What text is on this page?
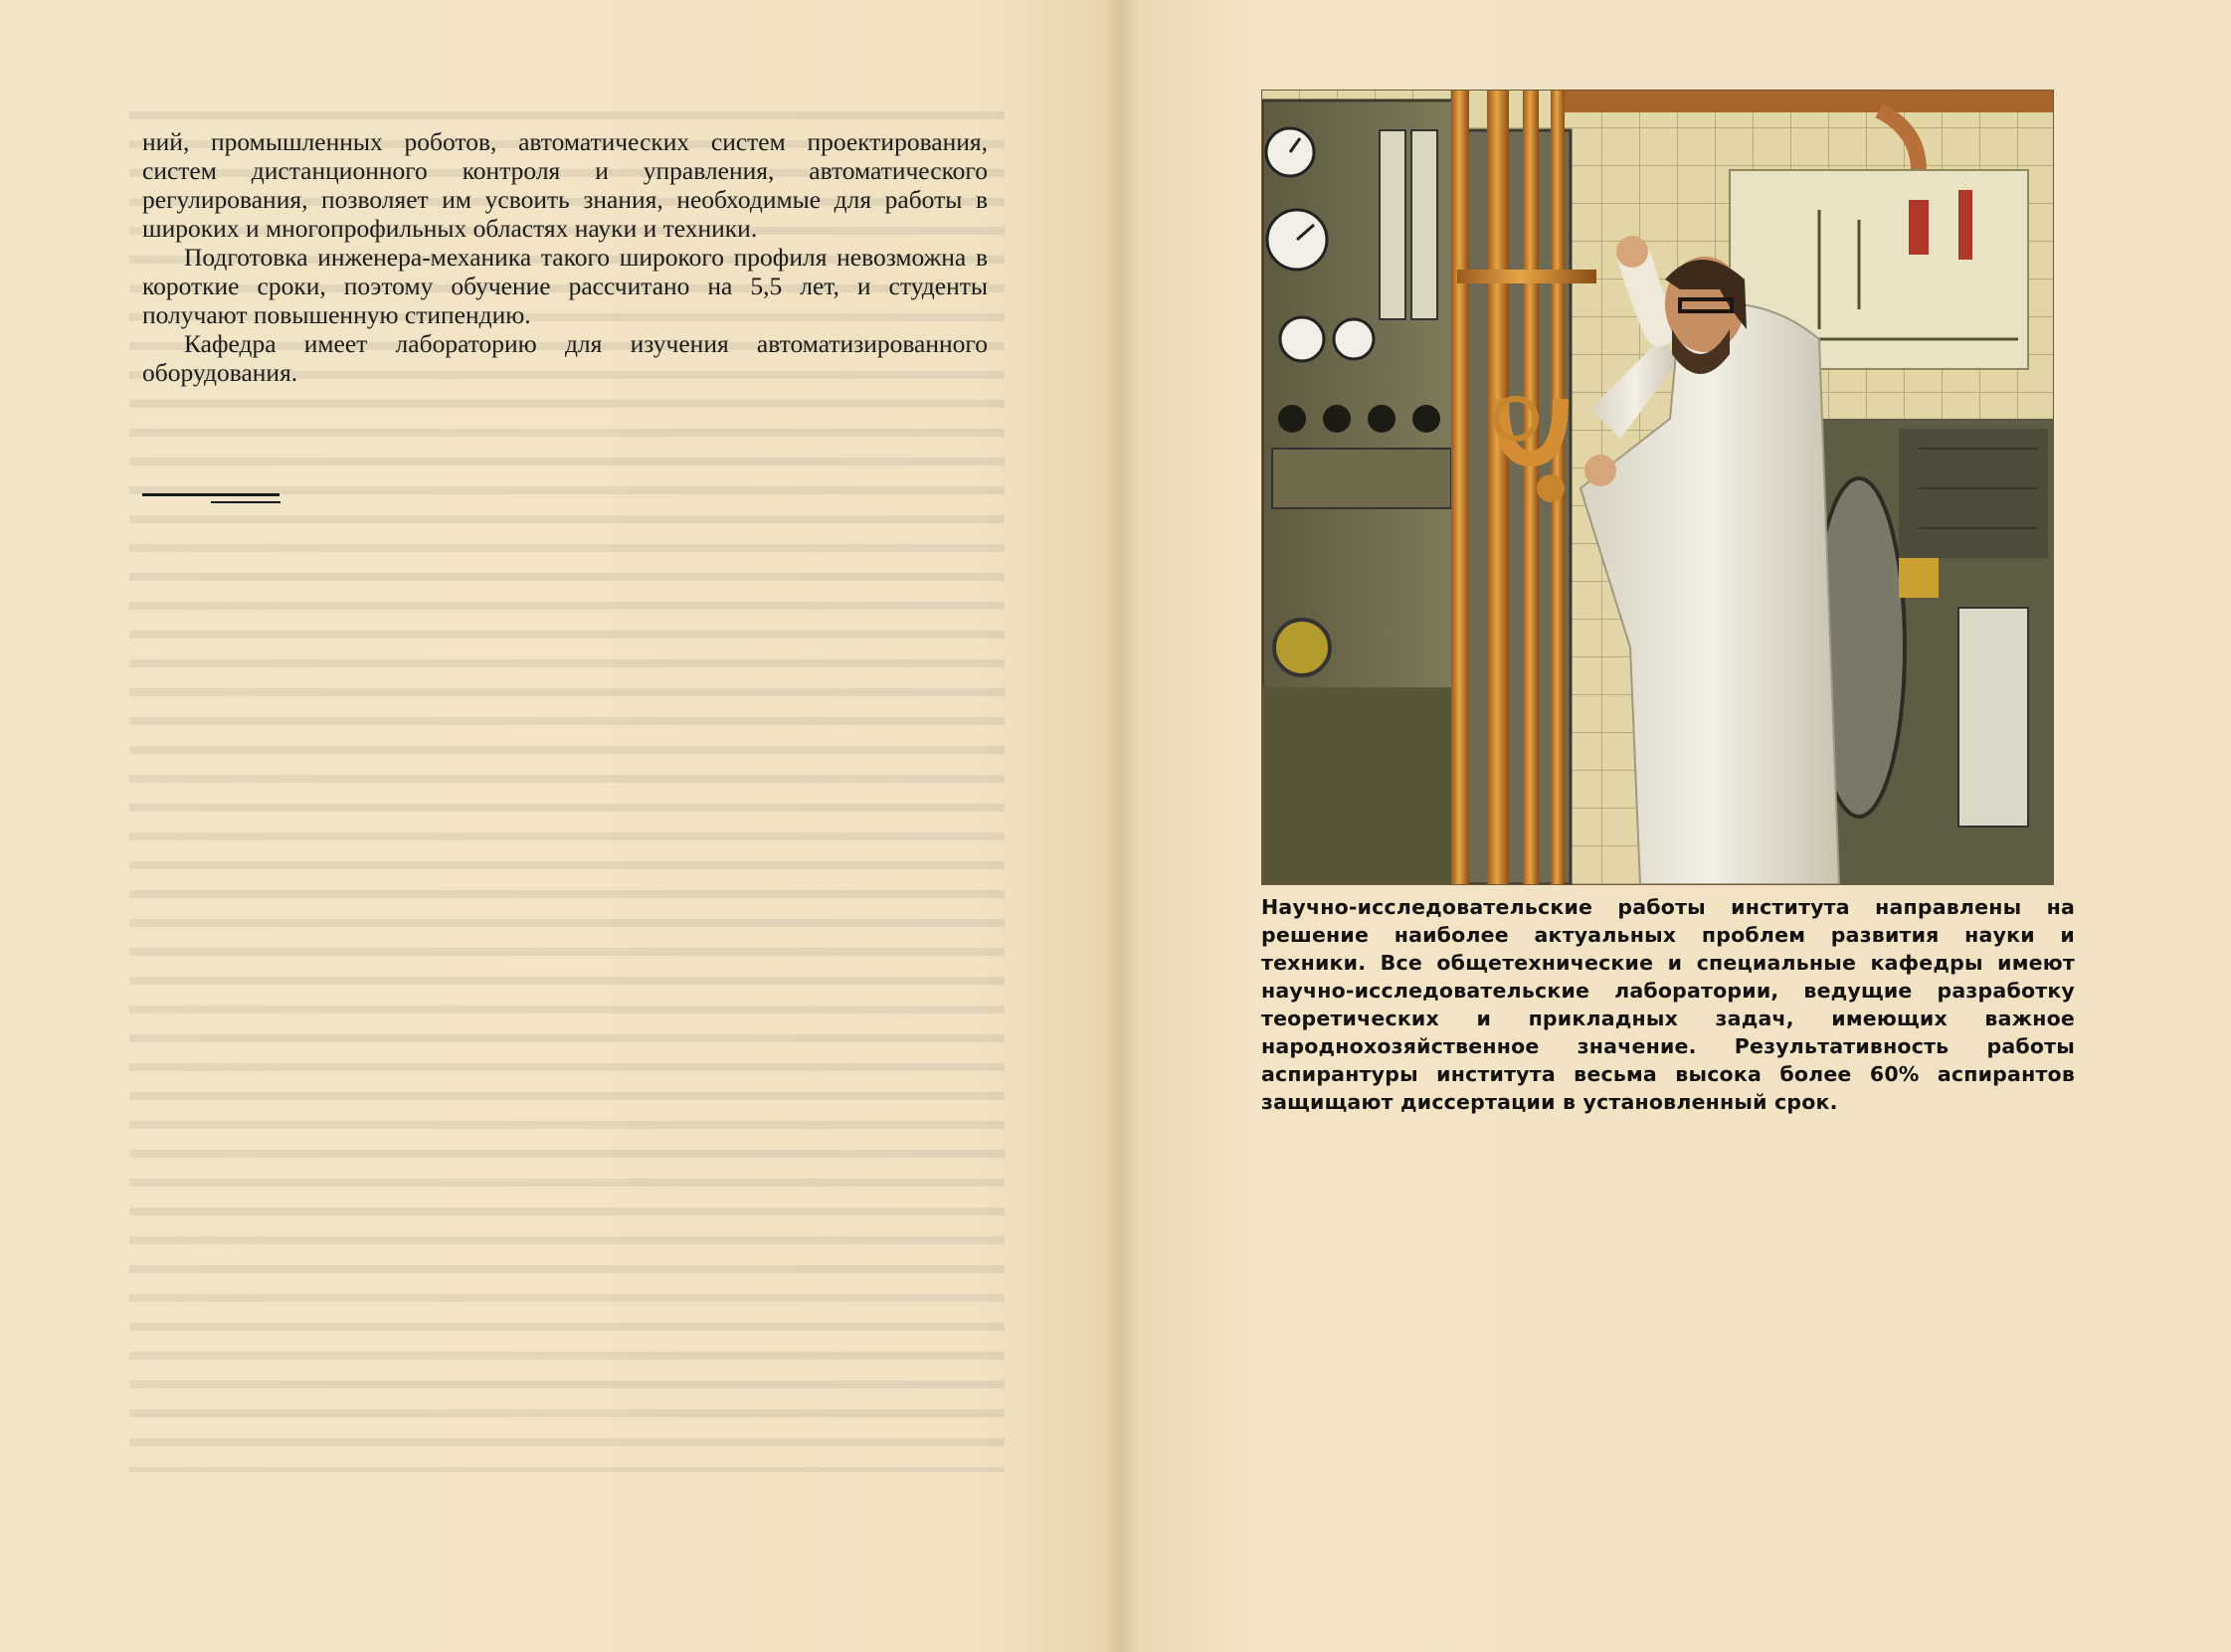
ний, промышленных роботов, автоматических систем проектирования, систем дистанционного контроля и управления, автоматического регулирования, позволяет им усвоить знания, необходимые для работы в широких и многопрофильных областях науки и техники.

Подготовка инженера-механика такого широкого профиля невозможна в короткие сроки, поэтому обучение рассчитано на 5,5 лет, и студенты получают повышенную стипендию.

Кафедра имеет лабораторию для изучения автоматизированного оборудования.

Научно-исследовательские работы института направлены на решение наиболее актуальных проблем развития науки и техники. Все общетехнические и специальные кафедры имеют научно-исследовательские лаборатории, ведущие разработку теоретических и прикладных задач, имеющих важное народнохозяйственное значение. Результативность работы аспирантуры института весьма высока более 60% аспирантов защищают диссертации в установленный срок.
